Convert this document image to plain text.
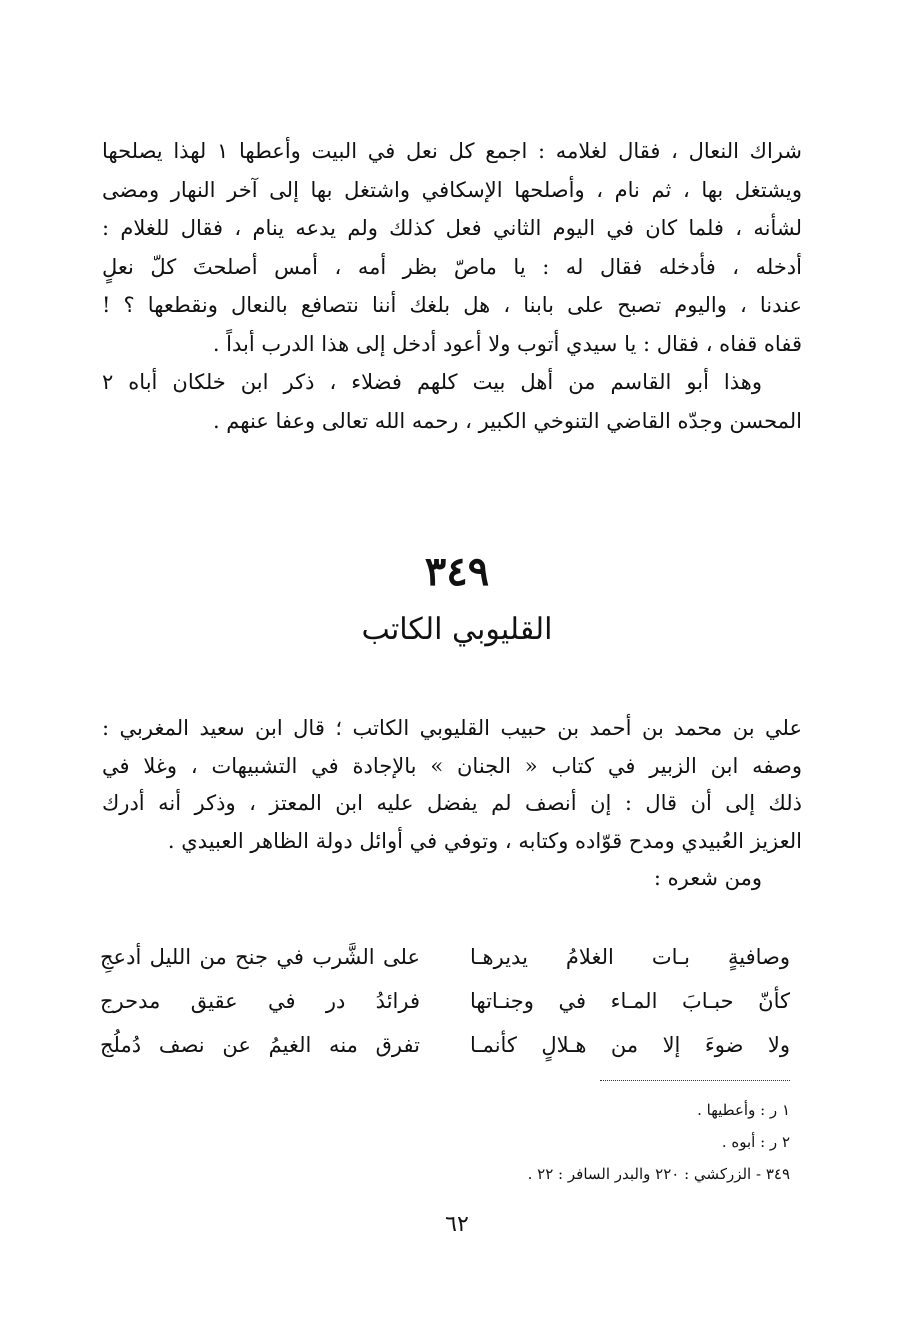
شراك النعال ، فقال لغلامه : اجمع كل نعل في البيت وأعطها ١ لهذا يصلحها
ويشتغل بها ، ثم نام ، وأصلحها الإسكافي واشتغل بها إلى آخر النهار ومضى
لشأنه ، فلما كان في اليوم الثاني فعل كذلك ولم يدعه ينام ، فقال للغلام :
أدخله ، فأدخله فقال له : يا ماصّ بظر أمه ، أمس أصلحتَ كلّ نعلٍ
عندنا ، واليوم تصبح على بابنا ، هل بلغك أننا نتصافع بالنعال ونقطعها ؟ !
قفاه قفاه ، فقال : يا سيدي أتوب ولا أعود أدخل إلى هذا الدرب أبداً .
وهذا أبو القاسم من أهل بيت كلهم فضلاء ، ذكر ابن خلكان أباه ٢
المحسن وجدّه القاضي التنوخي الكبير ، رحمه الله تعالى وعفا عنهم .
٣٤٩
القليوبي الكاتب
علي بن محمد بن أحمد بن حبيب القليوبي الكاتب ؛ قال ابن سعيد المغربي :
وصفه ابن الزبير في كتاب « الجنان » بالإجادة في التشبيهات ، وغلا في
ذلك إلى أن قال : إن أنصف لم يفضل عليه ابن المعتز ، وذكر أنه أدرك
العزيز العُبيدي ومدح قوّاده وكتابه ، وتوفي في أوائل دولة الظاهر العبيدي .
ومن شعره :
وصافيةٍ بـات الغلامُ يديرهـا
على الشَّرب في جنح من الليل أدعجِ
كأنّ حبـابَ المـاء في وجنـاتها
فرائدُ در في عقيق مدحرج
ولا ضوءَ إلا من هـلالٍ كأنمـا
تفرق منه الغيمُ عن نصف دُملُج
١ ر : وأعطيها .
٢ ر : أبوه .
٣٤٩ - الزركشي : ٢٢٠ والبدر السافر : ٢٢ .
٦٢
